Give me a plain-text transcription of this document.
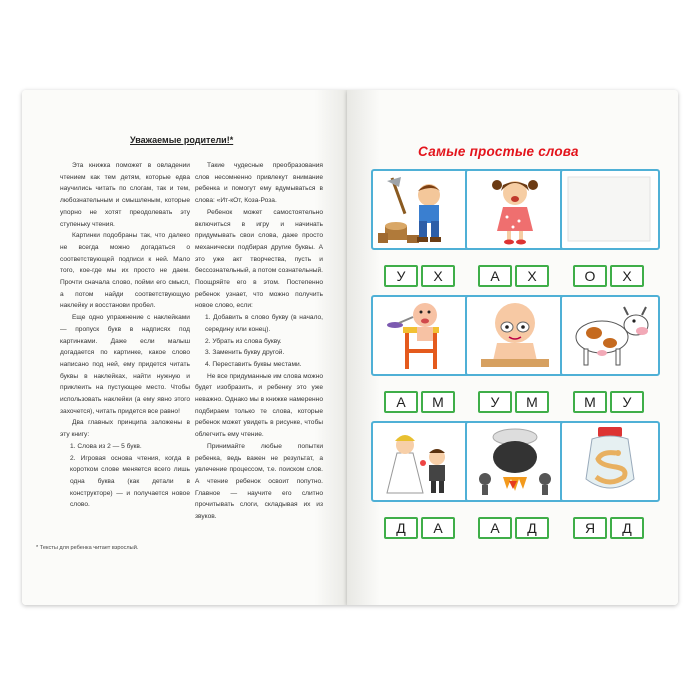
Уважаемые родители!*

Эта книжка поможет в овладении чтением как тем детям, которые едва научились читать по слогам, так и тем, любознательным и смышленым, которые упорно не хотят преодолевать эту ступеньку чтения.

Картинки подобраны так, что далеко не всегда можно догадаться о соответствующей подписи к ней. Мало того, кое-где мы их просто не даем. Прочти сначала слово, пойми его смысл, а потом найди соответствующую наклейку и восстанови пробел.

Еще одно упражнение с наклейками — пропуск букв в надписях под картинками. Даже если малыш догадается по картинке, какое слово написано под ней, ему придется читать буквы в наклейках, найти нужную и приклеить на пустующее место. Чтобы использовать наклейки (а ему явно этого захочется), читать придется все равно!

Два главных принципа заложены в эту книгу:

1. Слова из 2 — 5 букв.

2. Игровая основа чтения, когда в коротком слове меняется всего лишь одна буква (как детали в конструкторе) — и получается новое слово.

Такие чудесные преобразования слов несомненно привлекут внимание ребенка и помогут ему вдумываться в слова: «Ит-кОт, Коза-Роза.

Ребенок может самостоятельно включиться в игру и начинать придумывать свои слова, даже просто механически подбирая другие буквы. А это уже акт творчества, пусть и бессознательный, а потом сознательный. Поощряйте его в этом. Постепенно ребенок узнает, что можно получить новое слово, если:

1. Добавить в слово букву (в начало, середину или конец).

2. Убрать из слова букву.

3. Заменить букву другой.

4. Переставить буквы местами.

Не все придуманные им слова можно будет изобразить, и ребенку это уже неважно. Однако мы в книжке намеренно подбираем только те слова, которые ребенок может увидеть в рисунке, чтобы облегчить ему чтение.

Принимайте любые попытки ребенка, ведь важен не результат, а увлечение процессом, т.е. поиском слов. А чтение ребенок освоит попутно. Главное — научите его слитно прочитывать слоги, складывая их из звуков.

* Тексты для ребенка читает взрослый.
Самые простые слова
У	Х	А	Х	О	Х
А	М	У	М	М	У
Д	А	А	Д	Я	Д
